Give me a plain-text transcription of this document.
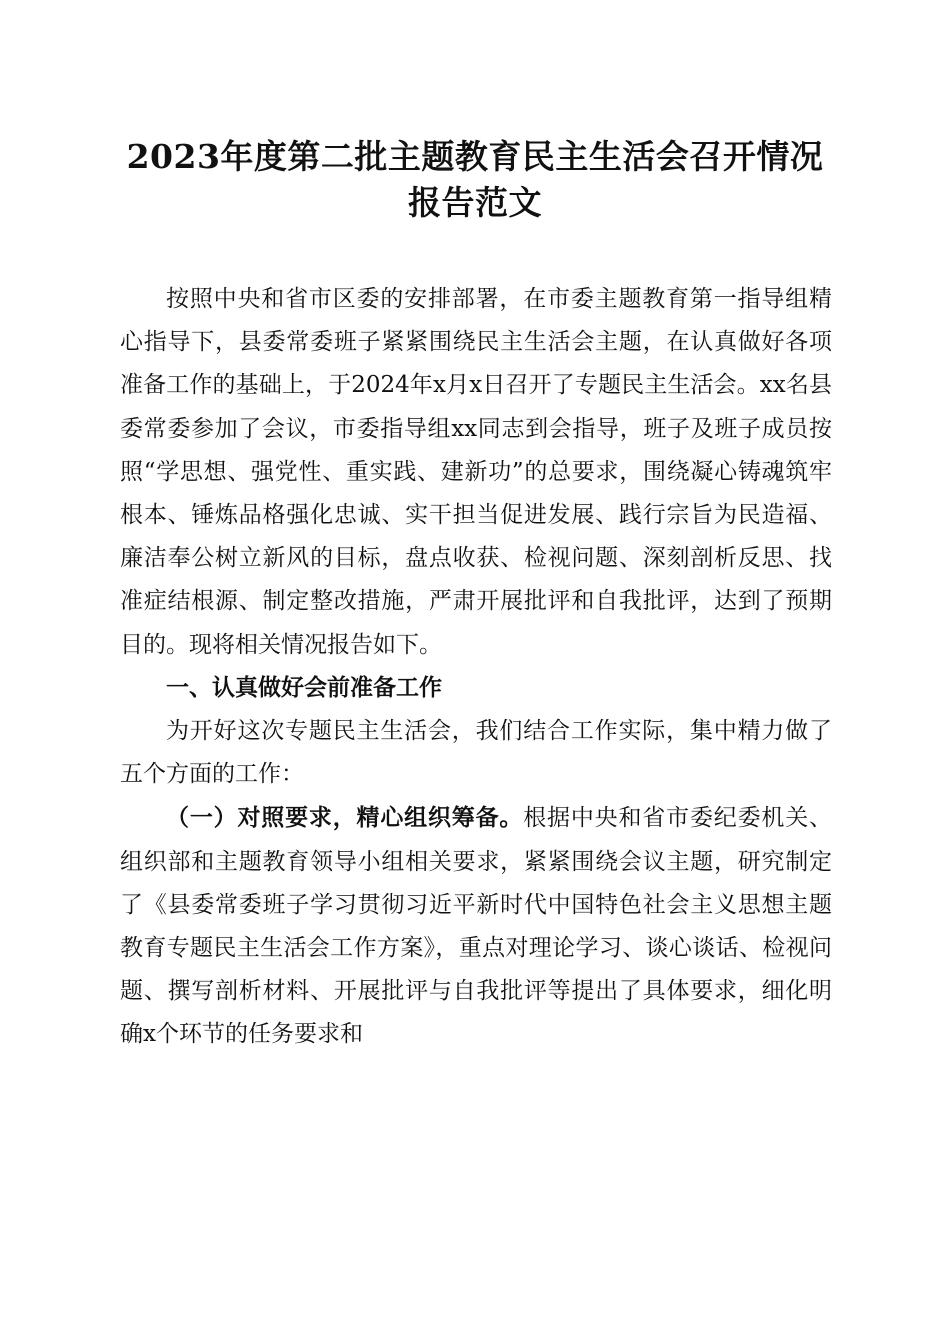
2023年度第二批主题教育民主生活会召开情况报告范文

按照中央和省市区委的安排部署，在市委主题教育第一指导组精心指导下，县委常委班子紧紧围绕民主生活会主题，在认真做好各项准备工作的基础上，于2024年x月x日召开了专题民主生活会。xx名县委常委参加了会议，市委指导组xx同志到会指导，班子及班子成员按照“学思想、强党性、重实践、建新功”的总要求，围绕凝心铸魂筑牢根本、锤炼品格强化忠诚、实干担当促进发展、践行宗旨为民造福、廉洁奉公树立新风的目标，盘点收获、检视问题、深刻剖析反思、找准症结根源、制定整改措施，严肃开展批评和自我批评，达到了预期目的。现将相关情况报告如下。

一、认真做好会前准备工作

为开好这次专题民主生活会，我们结合工作实际，集中精力做了五个方面的工作：

（一）对照要求，精心组织筹备。根据中央和省市委纪委机关、组织部和主题教育领导小组相关要求，紧紧围绕会议主题，研究制定了《县委常委班子学习贯彻习近平新时代中国特色社会主义思想主题教育专题民主生活会工作方案》，重点对理论学习、谈心谈话、检视问题、撰写剖析材料、开展批评与自我批评等提出了具体要求，细化明确x个环节的任务要求和
